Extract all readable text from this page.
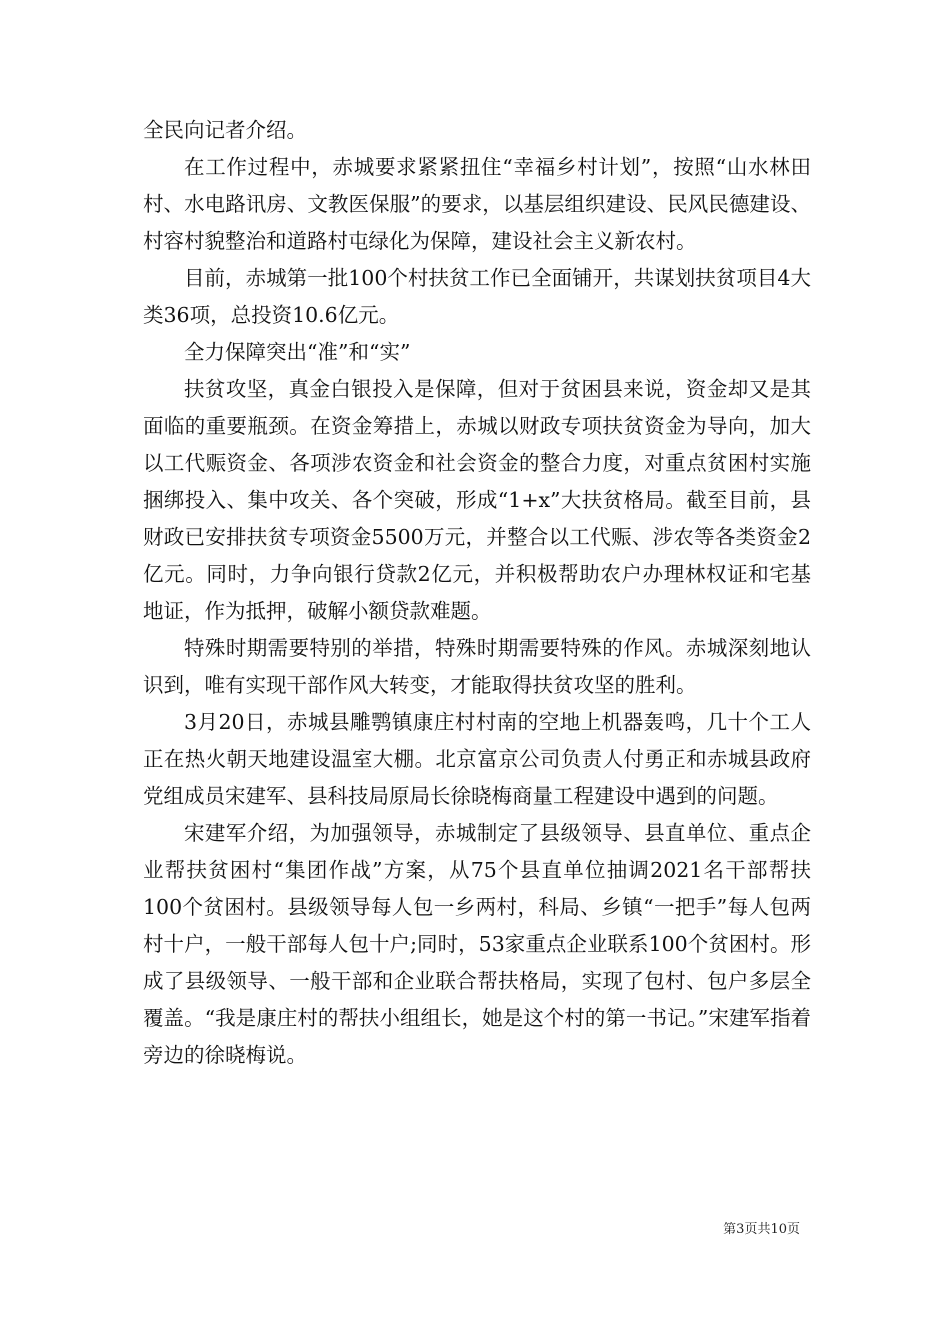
全民向记者介绍。

在工作过程中，赤城要求紧紧扭住“幸福乡村计划”，按照“山水林田村、水电路讯房、文教医保服”的要求，以基层组织建设、民风民德建设、村容村貌整治和道路村屯绿化为保障，建设社会主义新农村。

目前，赤城第一批100个村扶贫工作已全面铺开，共谋划扶贫项目4大类36项，总投资10.6亿元。

全力保障突出“准”和“实”

扶贫攻坚，真金白银投入是保障，但对于贫困县来说，资金却又是其面临的重要瓶颈。在资金筹措上，赤城以财政专项扶贫资金为导向，加大以工代赈资金、各项涉农资金和社会资金的整合力度，对重点贫困村实施捆绑投入、集中攻关、各个突破，形成“1+x”大扶贫格局。截至目前，县财政已安排扶贫专项资金5500万元，并整合以工代赈、涉农等各类资金2亿元。同时，力争向银行贷款2亿元，并积极帮助农户办理林权证和宅基地证，作为抵押，破解小额贷款难题。

特殊时期需要特别的举措，特殊时期需要特殊的作风。赤城深刻地认识到，唯有实现干部作风大转变，才能取得扶贫攻坚的胜利。

3月20日，赤城县雕鹗镇康庄村村南的空地上机器轰鸣，几十个工人正在热火朝天地建设温室大棚。北京富京公司负责人付勇正和赤城县政府党组成员宋建军、县科技局原局长徐晓梅商量工程建设中遇到的问题。

宋建军介绍，为加强领导，赤城制定了县级领导、县直单位、重点企业帮扶贫困村“集团作战”方案，从75个县直单位抽调2021名干部帮扶100个贫困村。县级领导每人包一乡两村，科局、乡镇“一把手”每人包两村十户，一般干部每人包十户;同时，53家重点企业联系100个贫困村。形成了县级领导、一般干部和企业联合帮扶格局，实现了包村、包户多层全覆盖。“我是康庄村的帮扶小组组长，她是这个村的第一书记。”宋建军指着旁边的徐晓梅说。

第3页共10页
